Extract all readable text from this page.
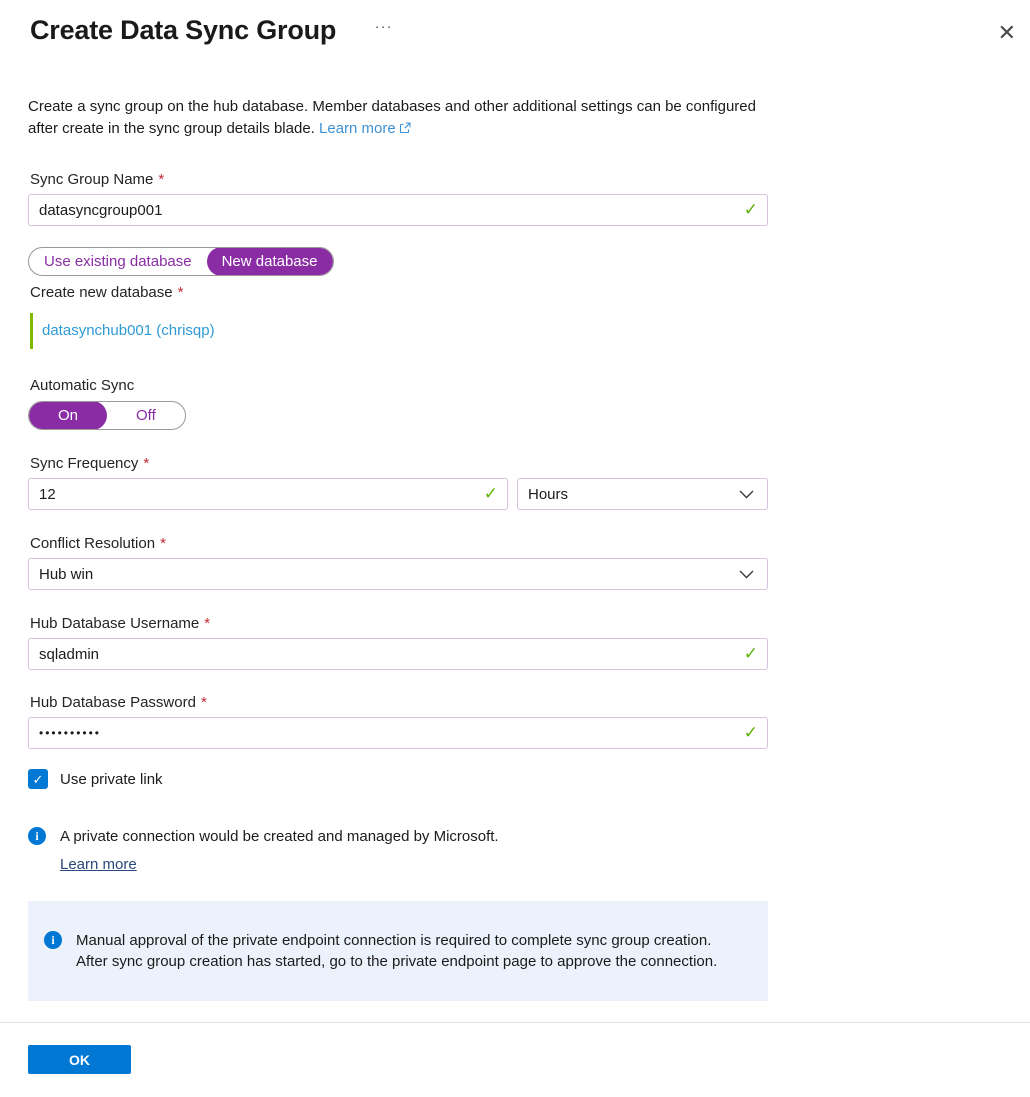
Create Data Sync Group	···	✕
Create a sync group on the hub database. Member databases and other additional settings can be configured after create in the sync group details blade. Learn more
Sync Group Name *
datasyncgroup001
✓
Use existing database	New database
Create new database *
datasynchub001 (chrisqp)
Automatic Sync
On	Off
Sync Frequency *
12
✓ Hours
Conflict Resolution *
Hub win
Hub Database Username *
sqladmin
✓
Hub Database Password *
••••••••••
✓
✓ Use private link
i A private connection would be created and managed by Microsoft.
Learn more
i Manual approval of the private endpoint connection is required to complete sync group creation. After sync group creation has started, go to the private endpoint page to approve the connection.
OK
